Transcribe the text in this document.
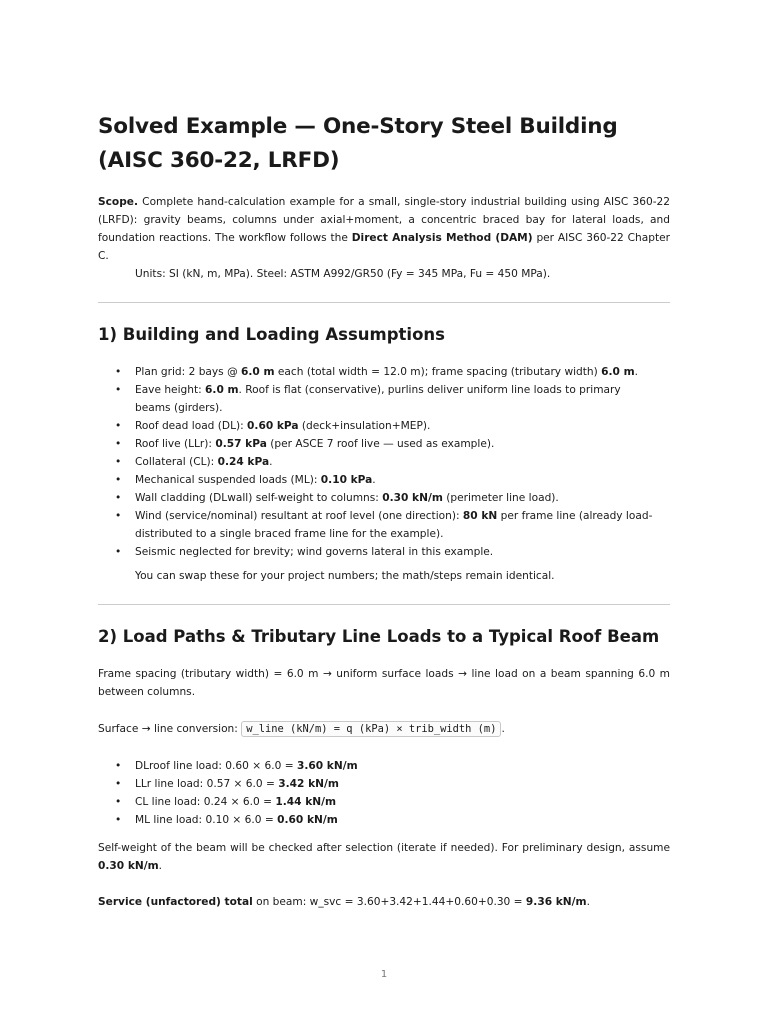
Solved Example — One-Story Steel Building
(AISC 360-22, LRFD)

Scope. Complete hand-calculation example for a small, single-story industrial building using AISC 360-22 (LRFD): gravity beams, columns under axial+moment, a concentric braced bay for lateral loads, and foundation reactions. The workflow follows the Direct Analysis Method (DAM) per AISC 360-22 Chapter C.

Units: SI (kN, m, MPa). Steel: ASTM A992/GR50 (Fy = 345 MPa, Fu = 450 MPa).

1) Building and Loading Assumptions
• Plan grid: 2 bays @ 6.0 m each (total width = 12.0 m); frame spacing (tributary width) 6.0 m.
• Eave height: 6.0 m. Roof is flat (conservative), purlins deliver uniform line loads to primary beams (girders).
• Roof dead load (DL): 0.60 kPa (deck+insulation+MEP).
• Roof live (LLr): 0.57 kPa (per ASCE 7 roof live — used as example).
• Collateral (CL): 0.24 kPa.
• Mechanical suspended loads (ML): 0.10 kPa.
• Wall cladding (DLwall) self-weight to columns: 0.30 kN/m (perimeter line load).
• Wind (service/nominal) resultant at roof level (one direction): 80 kN per frame line (already load-distributed to a single braced frame line for the example).
• Seismic neglected for brevity; wind governs lateral in this example.

You can swap these for your project numbers; the math/steps remain identical.

2) Load Paths & Tributary Line Loads to a Typical Roof Beam

Frame spacing (tributary width) = 6.0 m → uniform surface loads → line load on a beam spanning 6.0 m between columns.

Surface → line conversion: w_line (kN/m) = q (kPa) × trib_width (m) .

• DLroof line load: 0.60 × 6.0 = 3.60 kN/m
• LLr line load: 0.57 × 6.0 = 3.42 kN/m
• CL line load: 0.24 × 6.0 = 1.44 kN/m
• ML line load: 0.10 × 6.0 = 0.60 kN/m

Self-weight of the beam will be checked after selection (iterate if needed). For preliminary design, assume 0.30 kN/m.

Service (unfactored) total on beam: w_svc = 3.60+3.42+1.44+0.60+0.30 = 9.36 kN/m.

1
